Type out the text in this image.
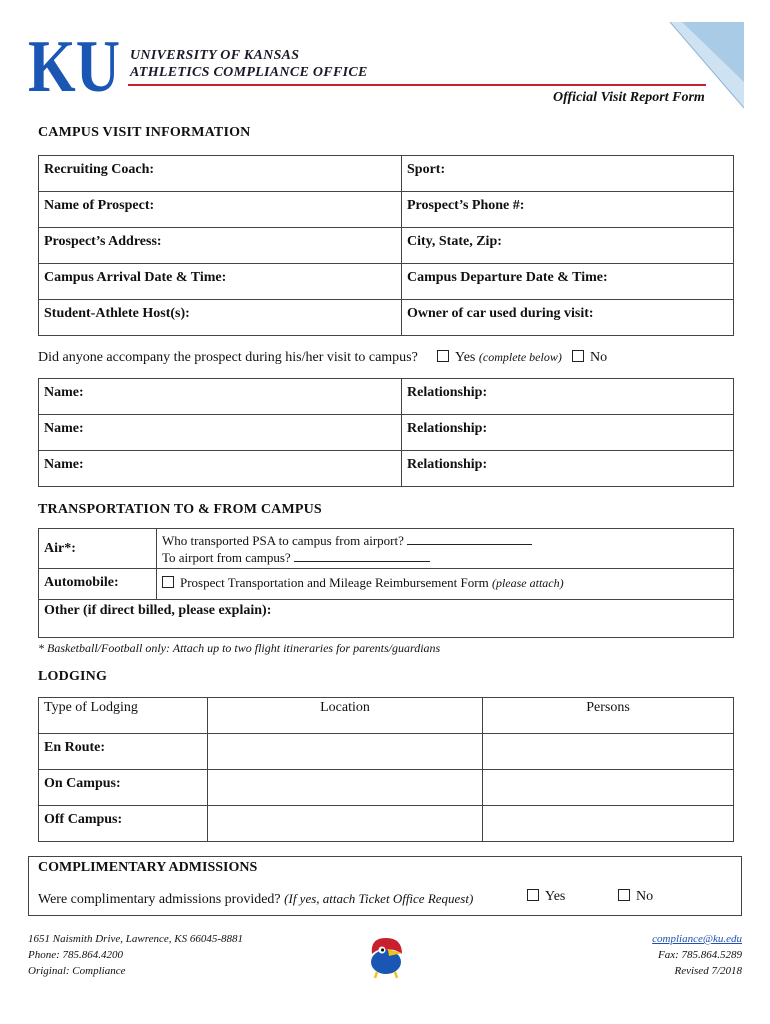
KU UNIVERSITY OF KANSAS
ATHLETICS COMPLIANCE OFFICE
Official Visit Report Form
CAMPUS VISIT INFORMATION
Recruiting Coach:	Sport:

Name of Prospect:	Prospect’s Phone #:

Prospect’s Address:	City, State, Zip:

Campus Arrival Date & Time:	Campus Departure Date & Time:

Student-Athlete Host(s):	Owner of car used during visit:
Did anyone accompany the prospect during his/her visit to campus?	Yes (complete below)	No
Name:	Relationship:

Name:	Relationship:

Name:	Relationship:
TRANSPORTATION TO & FROM CAMPUS
Air*:	Who transported PSA to campus from airport?
To airport from campus?

Automobile:	Prospect Transportation and Mileage Reimbursement Form (please attach)

Other (if direct billed, please explain):	
* Basketball/Football only: Attach up to two flight itineraries for parents/guardians
LODGING
Type of Lodging	Location	Persons

En Route:		

On Campus:		

Off Campus:		

COMPLIMENTARY ADMISSIONS
Were complimentary admissions provided? (If yes, attach Ticket Office Request)	Yes	No
1651 Naismith Drive, Lawrence, KS 66045-8881
Phone: 785.864.4200
Original: Compliance
compliance@ku.edu
Fax: 785.864.5289
Revised 7/2018
